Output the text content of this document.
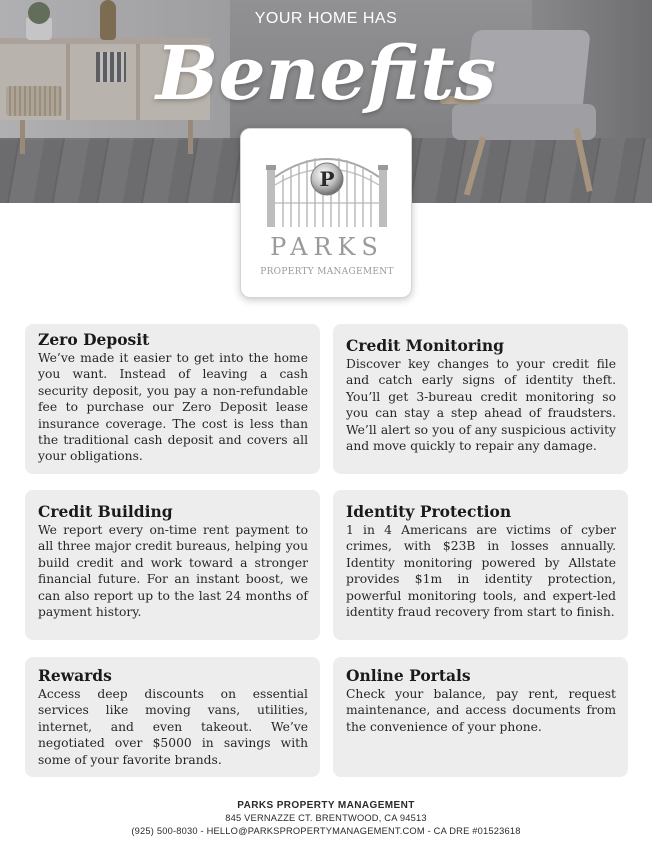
YOUR HOME HAS
Benefits
P
PARKS
PROPERTY MANAGEMENT
Zero Deposit

We’ve made it easier to get into the home you want. Instead of leaving a cash security deposit, you pay a non-refundable fee to purchase our Zero Deposit lease insurance coverage. The cost is less than the traditional cash deposit and covers all your obligations.

Credit Monitoring

Discover key changes to your credit file and catch early signs of identity theft. You’ll get 3-bureau credit monitoring so you can stay a step ahead of fraudsters. We’ll alert so you of any suspicious activity and move quickly to repair any damage.

Credit Building

We report every on-time rent payment to all three major credit bureaus, helping you build credit and work toward a stronger financial future. For an instant boost, we can also report up to the last 24 months of payment history.

Identity Protection

1 in 4 Americans are victims of cyber crimes, with $23B in losses annually. Identity monitoring powered by Allstate provides $1m in identity protection, powerful monitoring tools, and expert-led identity fraud recovery from start to finish.

Rewards

Access deep discounts on essential services like moving vans, utilities, internet, and even takeout. We’ve negotiated over $5000 in savings with some of your favorite brands.

Online Portals

Check your balance, pay rent, request maintenance, and access documents from the convenience of your phone.

PARKS PROPERTY MANAGEMENT
845 VERNAZZE CT. BRENTWOOD, CA 94513
(925) 500-8030 - HELLO@PARKSPROPERTYMANAGEMENT.COM - CA DRE #01523618
